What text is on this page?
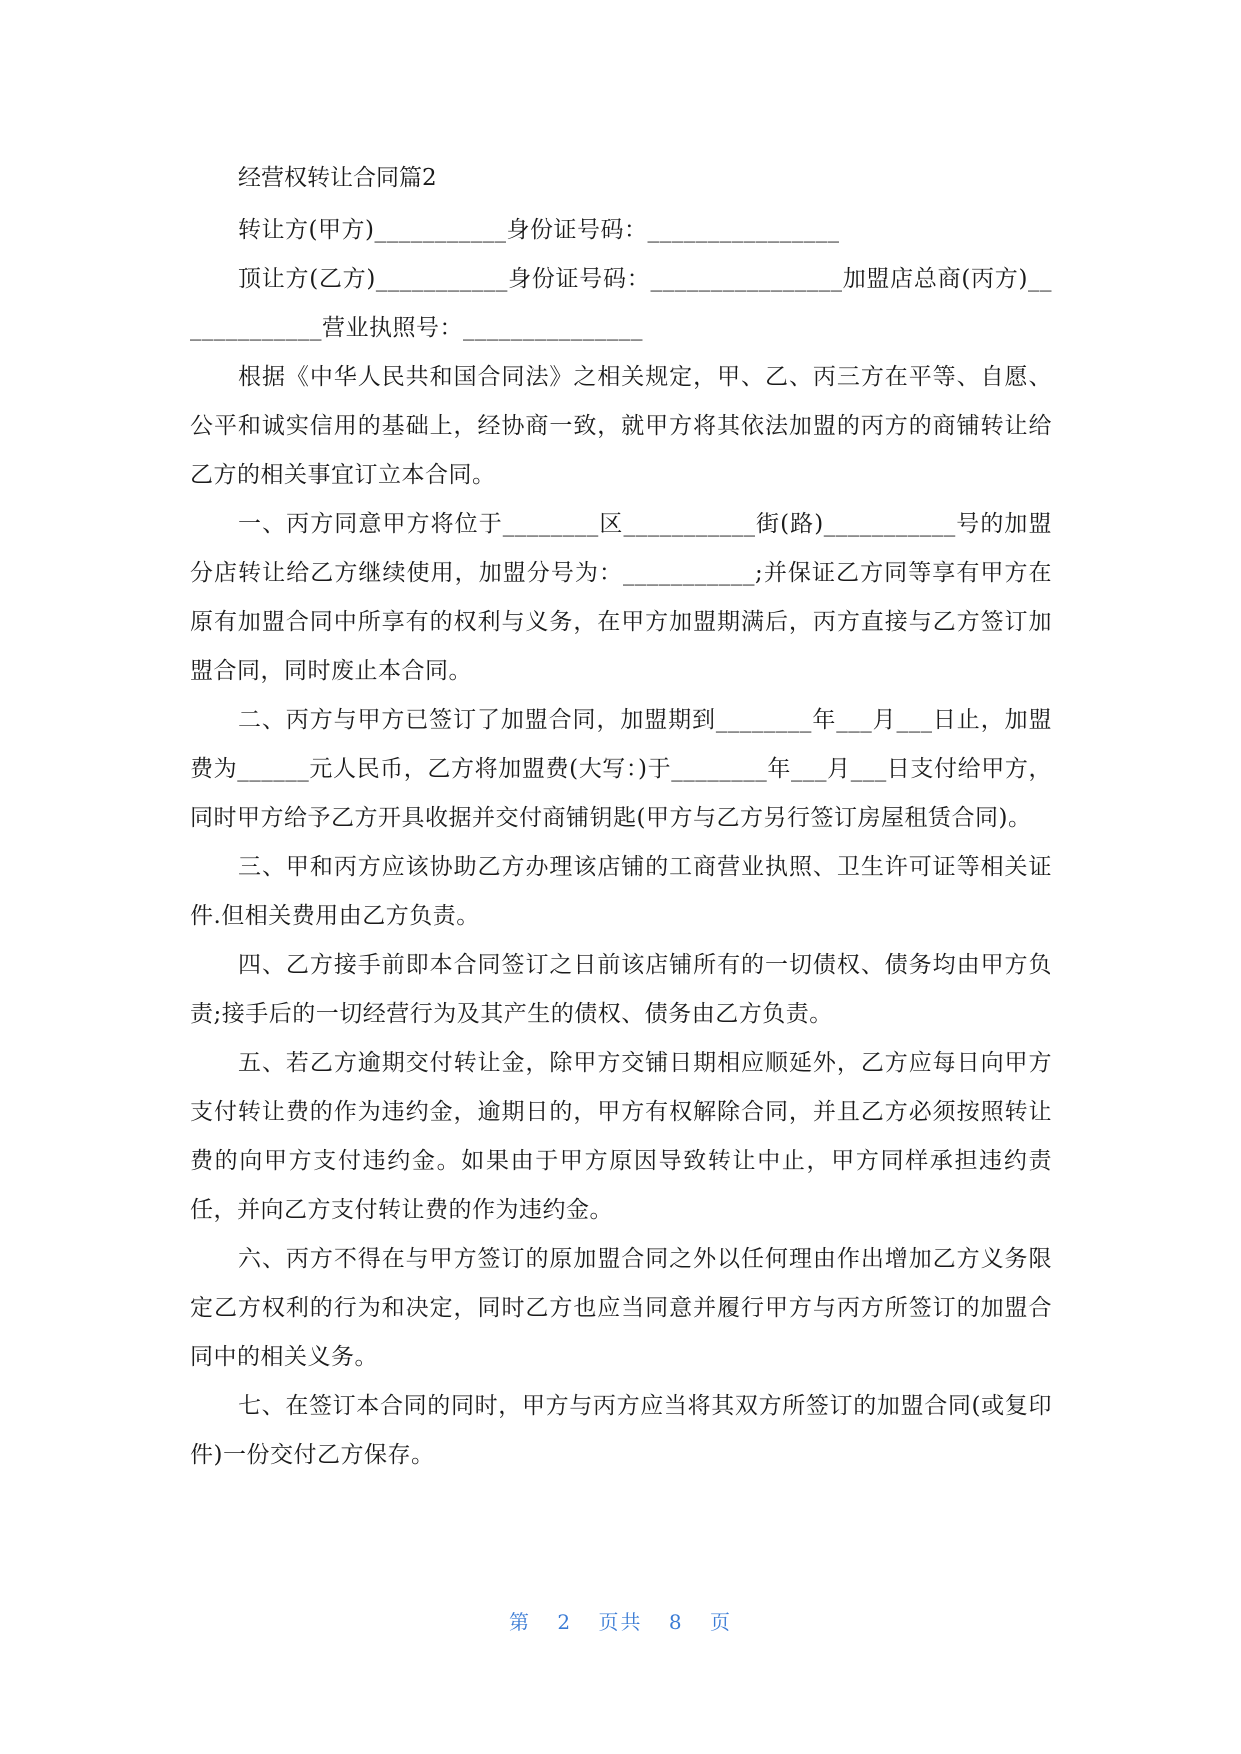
经营权转让合同篇2

转让方(甲方)___________身份证号码：________________

顶让方(乙方)___________身份证号码：________________加盟店总商(丙方)_____________营业执照号：_______________

根据《中华人民共和国合同法》之相关规定，甲、乙、丙三方在平等、自愿、公平和诚实信用的基础上，经协商一致，就甲方将其依法加盟的丙方的商铺转让给乙方的相关事宜订立本合同。

一、丙方同意甲方将位于________区___________街(路)___________号的加盟分店转让给乙方继续使用，加盟分号为：___________;并保证乙方同等享有甲方在原有加盟合同中所享有的权利与义务，在甲方加盟期满后，丙方直接与乙方签订加盟合同，同时废止本合同。

二、丙方与甲方已签订了加盟合同，加盟期到________年___月___日止，加盟费为______元人民币，乙方将加盟费(大写：)于________年___月___日支付给甲方，同时甲方给予乙方开具收据并交付商铺钥匙(甲方与乙方另行签订房屋租赁合同)。

三、甲和丙方应该协助乙方办理该店铺的工商营业执照、卫生许可证等相关证件.但相关费用由乙方负责。

四、乙方接手前即本合同签订之日前该店铺所有的一切债权、债务均由甲方负责;接手后的一切经营行为及其产生的债权、债务由乙方负责。

五、若乙方逾期交付转让金，除甲方交铺日期相应顺延外，乙方应每日向甲方支付转让费的作为违约金，逾期日的，甲方有权解除合同，并且乙方必须按照转让费的向甲方支付违约金。如果由于甲方原因导致转让中止，甲方同样承担违约责任，并向乙方支付转让费的作为违约金。

六、丙方不得在与甲方签订的原加盟合同之外以任何理由作出增加乙方义务限定乙方权利的行为和决定，同时乙方也应当同意并履行甲方与丙方所签订的加盟合同中的相关义务。

七、在签订本合同的同时，甲方与丙方应当将其双方所签订的加盟合同(或复印件)一份交付乙方保存。

第 2 页共 8 页
